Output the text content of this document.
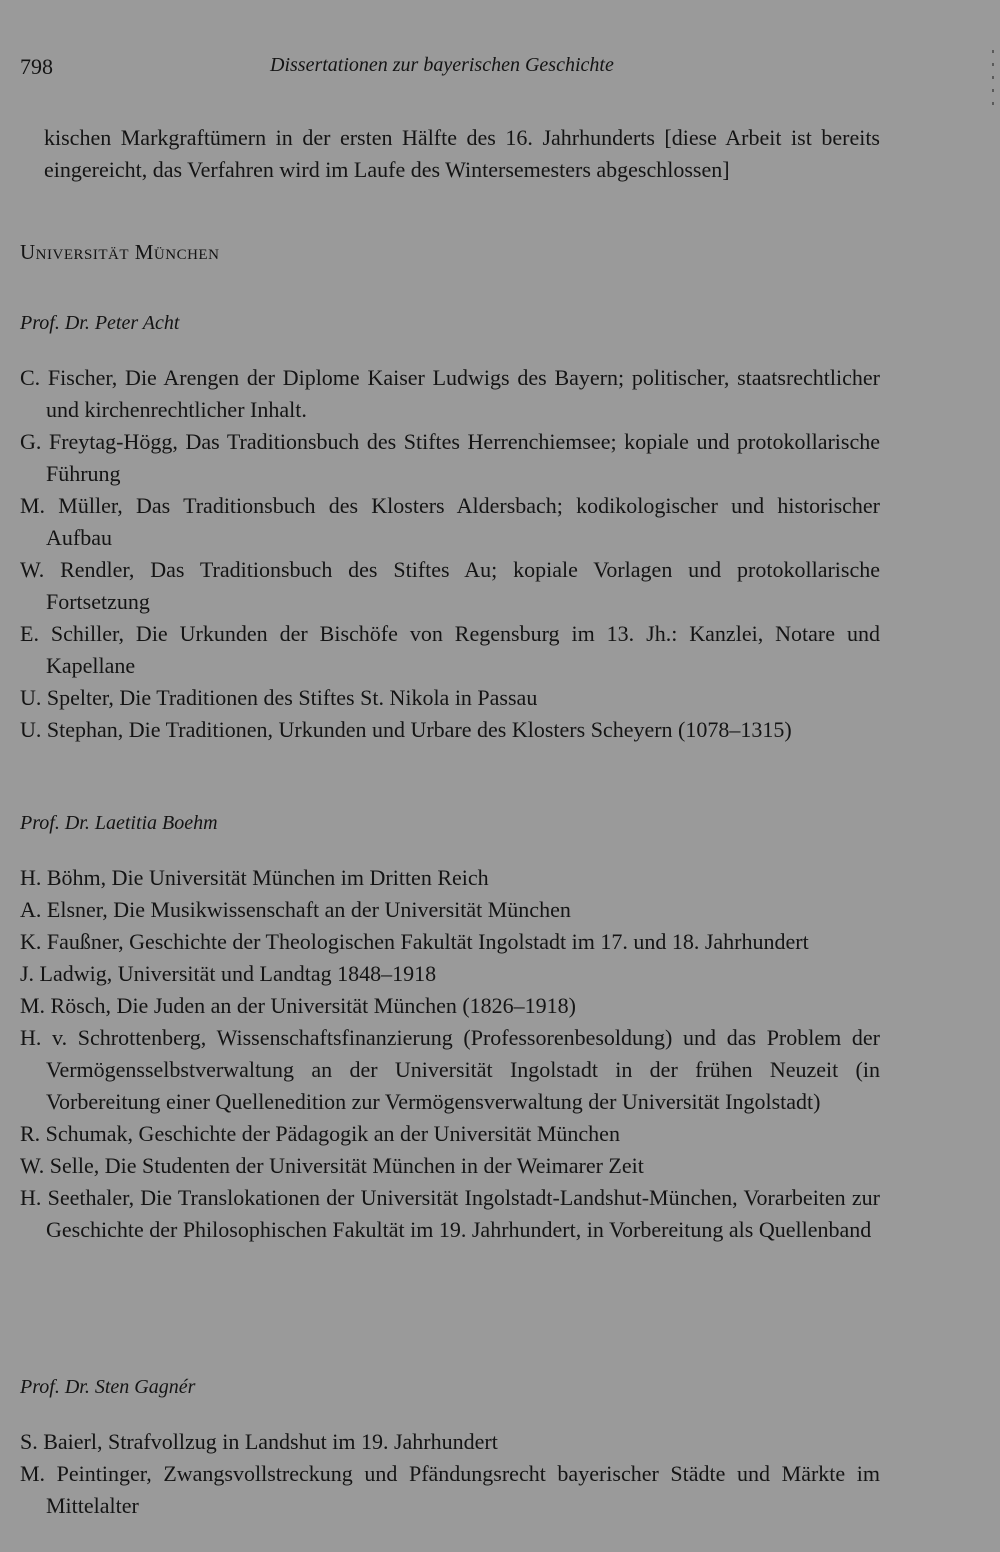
798	Dissertationen zur bayerischen Geschichte

kischen Markgraftümern in der ersten Hälfte des 16. Jahrhunderts [diese Arbeit ist bereits eingereicht, das Verfahren wird im Laufe des Wintersemesters abgeschlossen]

Universität München
Prof. Dr. Peter Acht
C. Fischer, Die Arengen der Diplome Kaiser Ludwigs des Bayern; politischer, staatsrechtlicher und kirchenrechtlicher Inhalt.
G. Freytag-Högg, Das Traditionsbuch des Stiftes Herrenchiemsee; kopiale und protokollarische Führung
M. Müller, Das Traditionsbuch des Klosters Aldersbach; kodikologischer und historischer Aufbau
W. Rendler, Das Traditionsbuch des Stiftes Au; kopiale Vorlagen und protokollarische Fortsetzung
E. Schiller, Die Urkunden der Bischöfe von Regensburg im 13. Jh.: Kanzlei, Notare und Kapellane
U. Spelter, Die Traditionen des Stiftes St. Nikola in Passau
U. Stephan, Die Traditionen, Urkunden und Urbare des Klosters Scheyern (1078–1315)
Prof. Dr. Laetitia Boehm
H. Böhm, Die Universität München im Dritten Reich
A. Elsner, Die Musikwissenschaft an der Universität München
K. Faußner, Geschichte der Theologischen Fakultät Ingolstadt im 17. und 18. Jahrhundert
J. Ladwig, Universität und Landtag 1848–1918
M. Rösch, Die Juden an der Universität München (1826–1918)
H. v. Schrottenberg, Wissenschaftsfinanzierung (Professorenbesoldung) und das Problem der Vermögensselbstverwaltung an der Universität Ingolstadt in der frühen Neuzeit (in Vorbereitung einer Quellenedition zur Vermögensverwaltung der Universität Ingolstadt)
R. Schumak, Geschichte der Pädagogik an der Universität München
W. Selle, Die Studenten der Universität München in der Weimarer Zeit
H. Seethaler, Die Translokationen der Universität Ingolstadt-Landshut-München, Vorarbeiten zur Geschichte der Philosophischen Fakultät im 19. Jahrhundert, in Vorbereitung als Quellenband
Prof. Dr. Sten Gagnér
S. Baierl, Strafvollzug in Landshut im 19. Jahrhundert
M. Peintinger, Zwangsvollstreckung und Pfändungsrecht bayerischer Städte und Märkte im Mittelalter
